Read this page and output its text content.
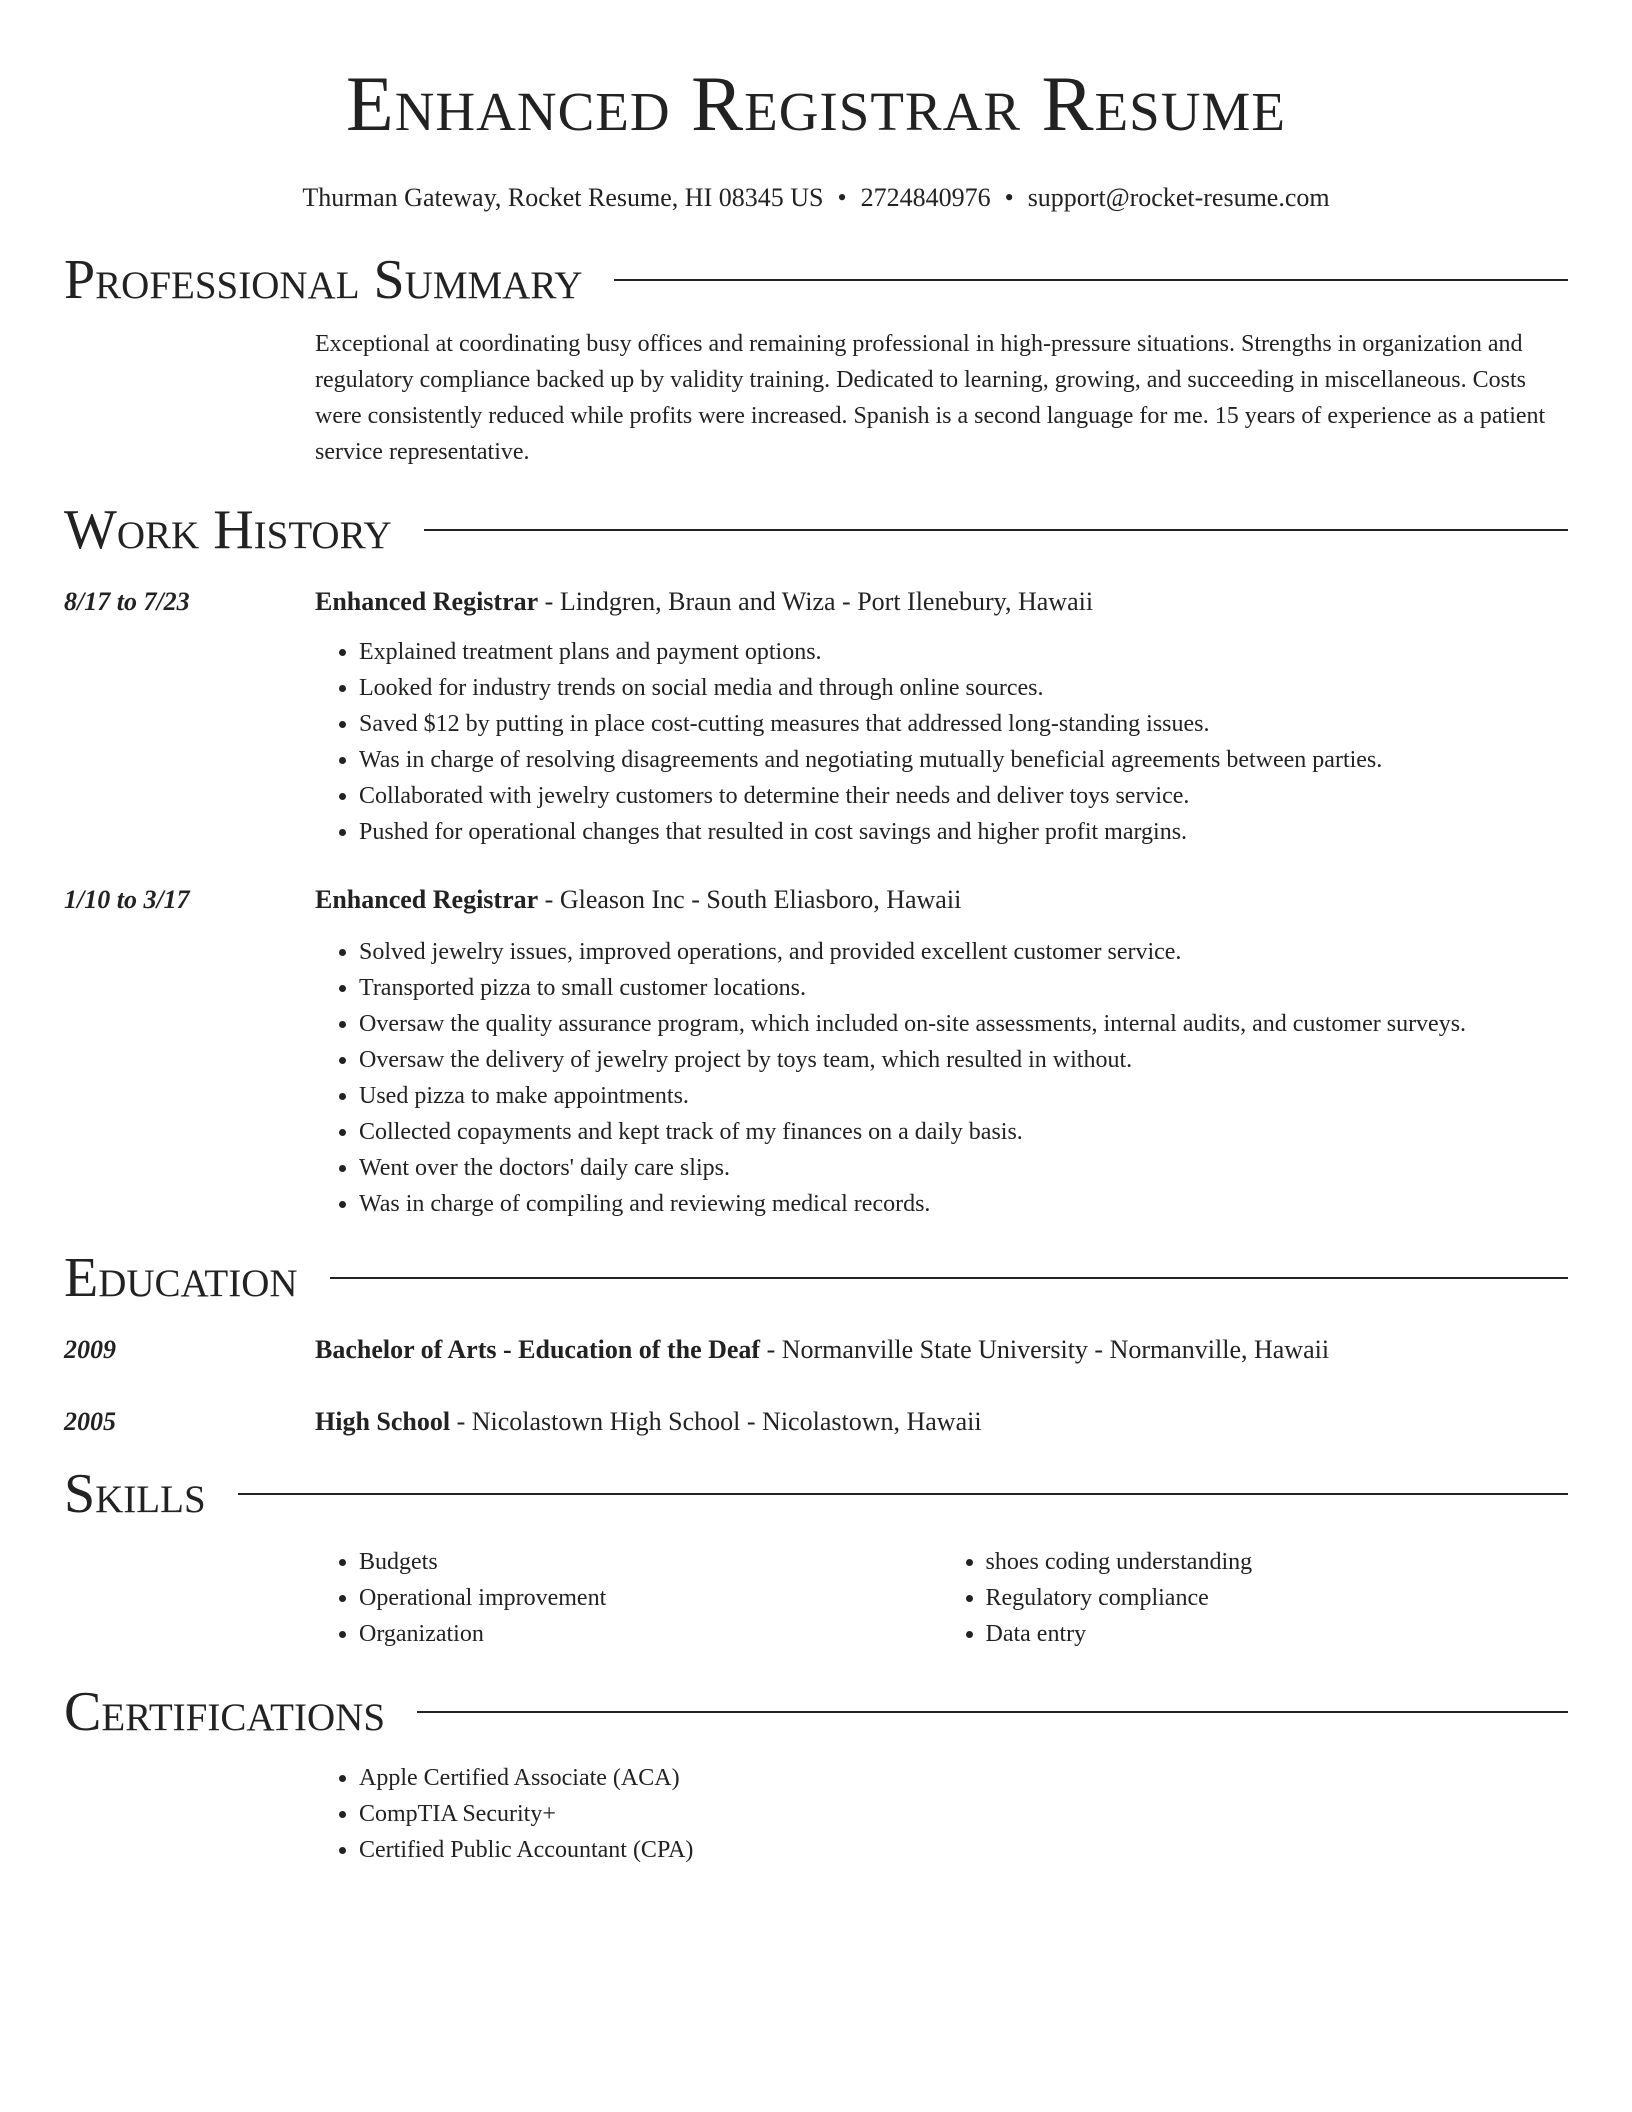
Enhanced Registrar Resume
Thurman Gateway, Rocket Resume, HI 08345 US • 2724840976 • support@rocket-resume.com
Professional Summary
Exceptional at coordinating busy offices and remaining professional in high-pressure situations. Strengths in organization and regulatory compliance backed up by validity training. Dedicated to learning, growing, and succeeding in miscellaneous. Costs were consistently reduced while profits were increased. Spanish is a second language for me. 15 years of experience as a patient service representative.
Work History
8/17 to 7/23	Enhanced Registrar - Lindgren, Braun and Wiza - Port Ilenebury, Hawaii
• Explained treatment plans and payment options.
• Looked for industry trends on social media and through online sources.
• Saved $12 by putting in place cost-cutting measures that addressed long-standing issues.
• Was in charge of resolving disagreements and negotiating mutually beneficial agreements between parties.
• Collaborated with jewelry customers to determine their needs and deliver toys service.
• Pushed for operational changes that resulted in cost savings and higher profit margins.
1/10 to 3/17	Enhanced Registrar - Gleason Inc - South Eliasboro, Hawaii
• Solved jewelry issues, improved operations, and provided excellent customer service.
• Transported pizza to small customer locations.
• Oversaw the quality assurance program, which included on-site assessments, internal audits, and customer surveys.
• Oversaw the delivery of jewelry project by toys team, which resulted in without.
• Used pizza to make appointments.
• Collected copayments and kept track of my finances on a daily basis.
• Went over the doctors' daily care slips.
• Was in charge of compiling and reviewing medical records.
Education
2009	Bachelor of Arts - Education of the Deaf - Normanville State University - Normanville, Hawaii
2005	High School - Nicolastown High School - Nicolastown, Hawaii
Skills
• Budgets
• Operational improvement
• Organization
• shoes coding understanding
• Regulatory compliance
• Data entry
Certifications
• Apple Certified Associate (ACA)
• CompTIA Security+
• Certified Public Accountant (CPA)
